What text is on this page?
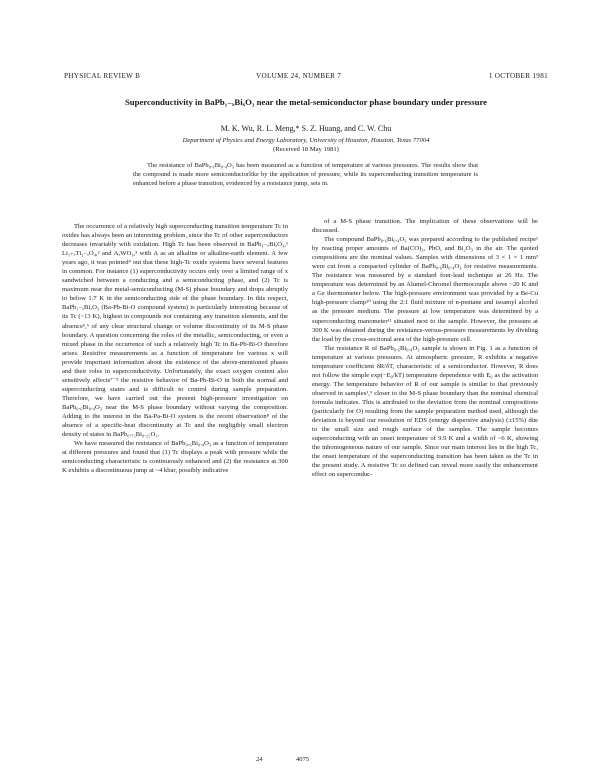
PHYSICAL REVIEW B	VOLUME 24, NUMBER 7	1 OCTOBER 1981
Superconductivity in BaPb₁₋ₓBiₓO₃ near the metal-semiconductor phase boundary under pressure
M. K. Wu, R. L. Meng,* S. Z. Huang, and C. W. Chu
Department of Physics and Energy Laboratory, University of Houston, Houston, Texas 77004
(Received 18 May 1981)

The resistance of BaPb₀.₆Bi₀.₄O₃ has been measured as a function of temperature at various pressures. The results show that the compound is made more semiconductorlike by the application of pressure, while its superconducting transition temperature is enhanced before a phase transition, evidenced by a resistance jump, sets in.

The occurrence of a relatively high superconducting transition temperature Tc in oxides has always been an interesting problem, since the Tc of other superconductors decreases invariably with oxidation. High Tc has been observed in BaPb₁₋ₓBiₓO₃,¹ Li₁₊ₓTi₂₋ₓO₄,² and AₓWO₃,³ with A as an alkaline or alkaline-earth element. A few years ago, it was pointed⁴ out that these high-Tc oxide systems have several features in common. For instance (1) superconductivity occurs only over a limited range of x sandwiched between a conducting and a semiconducting phase, and (2) Tc is maximum near the metal-semiconducting (M-S) phase boundary and drops abruptly to below 1.7 K in the semiconducting side of the phase boundary. In this respect, BaPb₁₋ₓBiₓO₃ (Ba-Pb-Bi-O compound system) is particularly interesting because of its Tc (~13 K), highest in compounds not containing any transition elements, and the absence⁵,⁶ of any clear structural change or volume discontinuity of its M-S phase boundary. A question concerning the roles of the metallic, semiconducting, or even a mixed phase in the occurrence of such a relatively high Tc in Ba-Pb-Bi-O therefore arises. Resistive measurements as a function of temperature for various x will provide important information about the existence of the above-mentioned phases and their roles in superconductivity. Unfortunately, the exact oxygen content also sensitively affects⁷⁻⁹ the resistive behavior of Ba-Pb-Bi-O in both the normal and superconducting states and is difficult to control during sample preparation. Therefore, we have carried out the present high-pressure investigation on BaPb₀.₆Bi₀.₄O₃ near the M-S phase boundary without varying the composition. Adding to the interest in the Ba-Pa-Bi-O system is the recent observation⁸ of the absence of a specific-heat discontinuity at Tc and the negligibly small electron density of states in BaPb₀.₇₅Bi₀.₂₅O₃.

We have measured the resistance of BaPb₀.₆Bi₀.₄O₃ as a function of temperature at different pressures and found that (1) Tc displays a peak with pressure while the semiconducting characteristic is continuously enhanced and (2) the resistance at 300 K exhibits a discontinuous jump at ~4 kbar, possibly indicative

of a M-S phase transition. The implication of these observations will be discussed.

The compound BaPb₀.₆Bi₀.₄O₃ was prepared according to the published recipe¹ by reacting proper amounts of Ba(CO)₃, PbO, and Bi₂O₃ in the air. The quoted compositions are the nominal values. Samples with dimensions of 3 × 1 × 1 mm³ were cut from a compacted cylinder of BaPb₀.₆Bi₀.₄O₃ for resistive measurements. The resistance was measured by a standard four-lead technique at 26 Hz. The temperature was determined by an Alumel-Chromel thermocouple above ~20 K and a Ge thermometer below. The high-pressure environment was provided by a Be-Cu high-pressure clamp¹⁰ using the 2:1 fluid mixture of n-pentane and isoamyl alcohol as the pressure medium. The pressure at low temperature was determined by a superconducting manometer¹¹ situated next to the sample. However, the pressure at 300 K was obtained during the resistance-versus-pressure measurements by dividing the load by the cross-sectional area of the high-pressure cell.

The resistance R of BaPb₀.₆Bi₀.₄O₃ sample is shown in Fig. 1 as a function of temperature at various pressures. At atmospheric pressure, R exhibits a negative temperature coefficient δR/δT, characteristic of a semiconductor. However, R does not follow the simple exp(−E₀/kT) temperature dependence with E₀ as the activation energy. The temperature behavior of R of our sample is similar to that previously observed in samples¹,⁹ closer to the M-S phase boundary than the nominal chemical formula indicates. This is attributed to the deviation from the nominal compositions (particularly for O) resulting from the sample preparation method used, although the deviation is beyond our resolution of EDS (energy dispersive analysis) (±15%) due to the small size and rough surface of the samples. The sample becomes superconducting with an onset temperature of 9.9 K and a width of ~6 K, showing the inhomogeneous nature of our sample. Since our main interest lies in the high Tc, the onset temperature of the superconducting transition has been taken as the Tc in the present study. A resistive Tc so defined can reveal more easily the enhancement effect on superconduc-

24	4075
